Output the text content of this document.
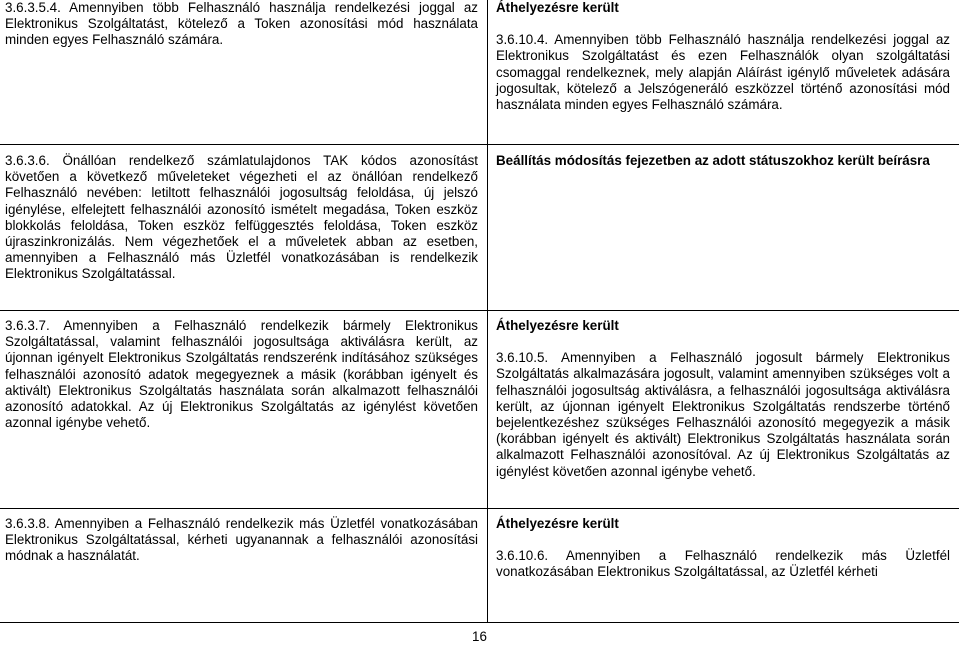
3.6.3.5.4. Amennyiben több Felhasználó használja rendelkezési joggal az Elektronikus Szolgáltatást, kötelező a Token azonosítási mód használata minden egyes Felhasználó számára.

Áthelyezésre került

3.6.10.4. Amennyiben több Felhasználó használja rendelkezési joggal az Elektronikus Szolgáltatást és ezen Felhasználók olyan szolgáltatási csomaggal rendelkeznek, mely alapján Aláírást igénylő műveletek adására jogosultak, kötelező a Jelszógeneráló eszközzel történő azonosítási mód használata minden egyes Felhasználó számára.

3.6.3.6. Önállóan rendelkező számlatulajdonos TAK kódos azonosítást követően a következő műveleteket végezheti el az önállóan rendelkező Felhasználó nevében: letiltott felhasználói jogosultság feloldása, új jelszó igénylése, elfelejtett felhasználói azonosító ismételt megadása, Token eszköz blokkolás feloldása, Token eszköz felfüggesztés feloldása, Token eszköz újraszinkronizálás. Nem végezhetőek el a műveletek abban az esetben, amennyiben a Felhasználó más Üzletfél vonatkozásában is rendelkezik Elektronikus Szolgáltatással.

Beállítás módosítás fejezetben az adott státuszokhoz került beírásra

3.6.3.7. Amennyiben a Felhasználó rendelkezik bármely Elektronikus Szolgáltatással, valamint felhasználói jogosultsága aktiválásra került, az újonnan igényelt Elektronikus Szolgáltatás rendszerénk indításához szükséges felhasználói azonosító adatok megegyeznek a másik (korábban igényelt és aktivált) Elektronikus Szolgáltatás használata során alkalmazott felhasználói azonosító adatokkal. Az új Elektronikus Szolgáltatás az igénylést követően azonnal igénybe vehető.

Áthelyezésre került

3.6.10.5. Amennyiben a Felhasználó jogosult bármely Elektronikus Szolgáltatás alkalmazására jogosult, valamint amennyiben szükséges volt a felhasználói jogosultság aktiválásra, a felhasználói jogosultsága aktiválásra került, az újonnan igényelt Elektronikus Szolgáltatás rendszerbe történő bejelentkezéshez szükséges Felhasználói azonosító megegyezik a másik (korábban igényelt és aktivált) Elektronikus Szolgáltatás használata során alkalmazott Felhasználói azonosítóval. Az új Elektronikus Szolgáltatás az igénylést követően azonnal igénybe vehető.

3.6.3.8. Amennyiben a Felhasználó rendelkezik más Üzletfél vonatkozásában Elektronikus Szolgáltatással, kérheti ugyanannak a felhasználói azonosítási módnak a használatát.

Áthelyezésre került

3.6.10.6. Amennyiben a Felhasználó rendelkezik más Üzletfél vonatkozásában Elektronikus Szolgáltatással, az Üzletfél kérheti

16
